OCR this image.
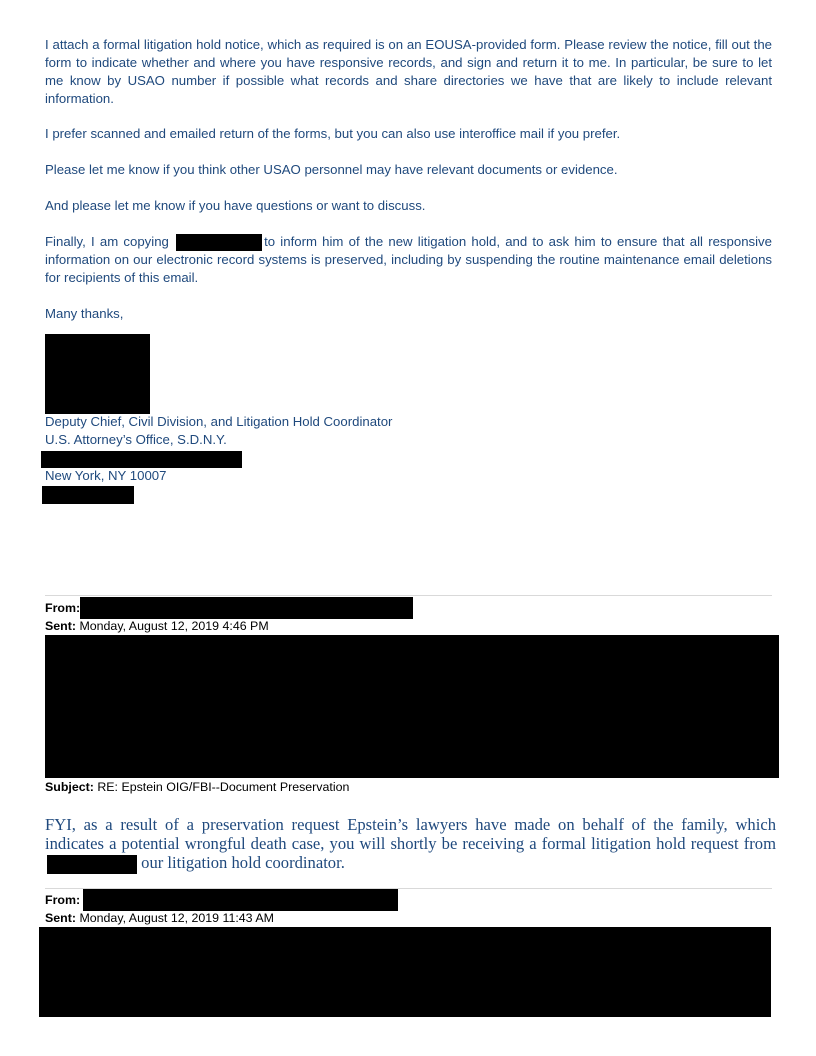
I attach a formal litigation hold notice, which as required is on an EOUSA-provided form. Please review the notice, fill out the form to indicate whether and where you have responsive records, and sign and return it to me. In particular, be sure to let me know by USAO number if possible what records and share directories we have that are likely to include relevant information.

I prefer scanned and emailed return of the forms, but you can also use interoffice mail if you prefer.

Please let me know if you think other USAO personnel may have relevant documents or evidence.

And please let me know if you have questions or want to discuss.

Finally, I am copying	to inform him of the new litigation hold, and to ask him to ensure that all responsive information on our electronic record systems is preserved, including by suspending the routine maintenance email deletions for recipients of this email.

Many thanks,

Deputy Chief, Civil Division, and Litigation Hold Coordinator
U.S. Attorney’s Office, S.D.N.Y.
New York, NY 10007
From:
Sent: Monday, August 12, 2019 4:46 PM
Subject: RE: Epstein OIG/FBI--Document Preservation

FYI, as a result of a preservation request Epstein’s lawyers have made on behalf of the family, which indicates a potential wrongful death case, you will shortly be receiving a formal litigation hold request from  our litigation hold coordinator.

From:
Sent: Monday, August 12, 2019 11:43 AM
